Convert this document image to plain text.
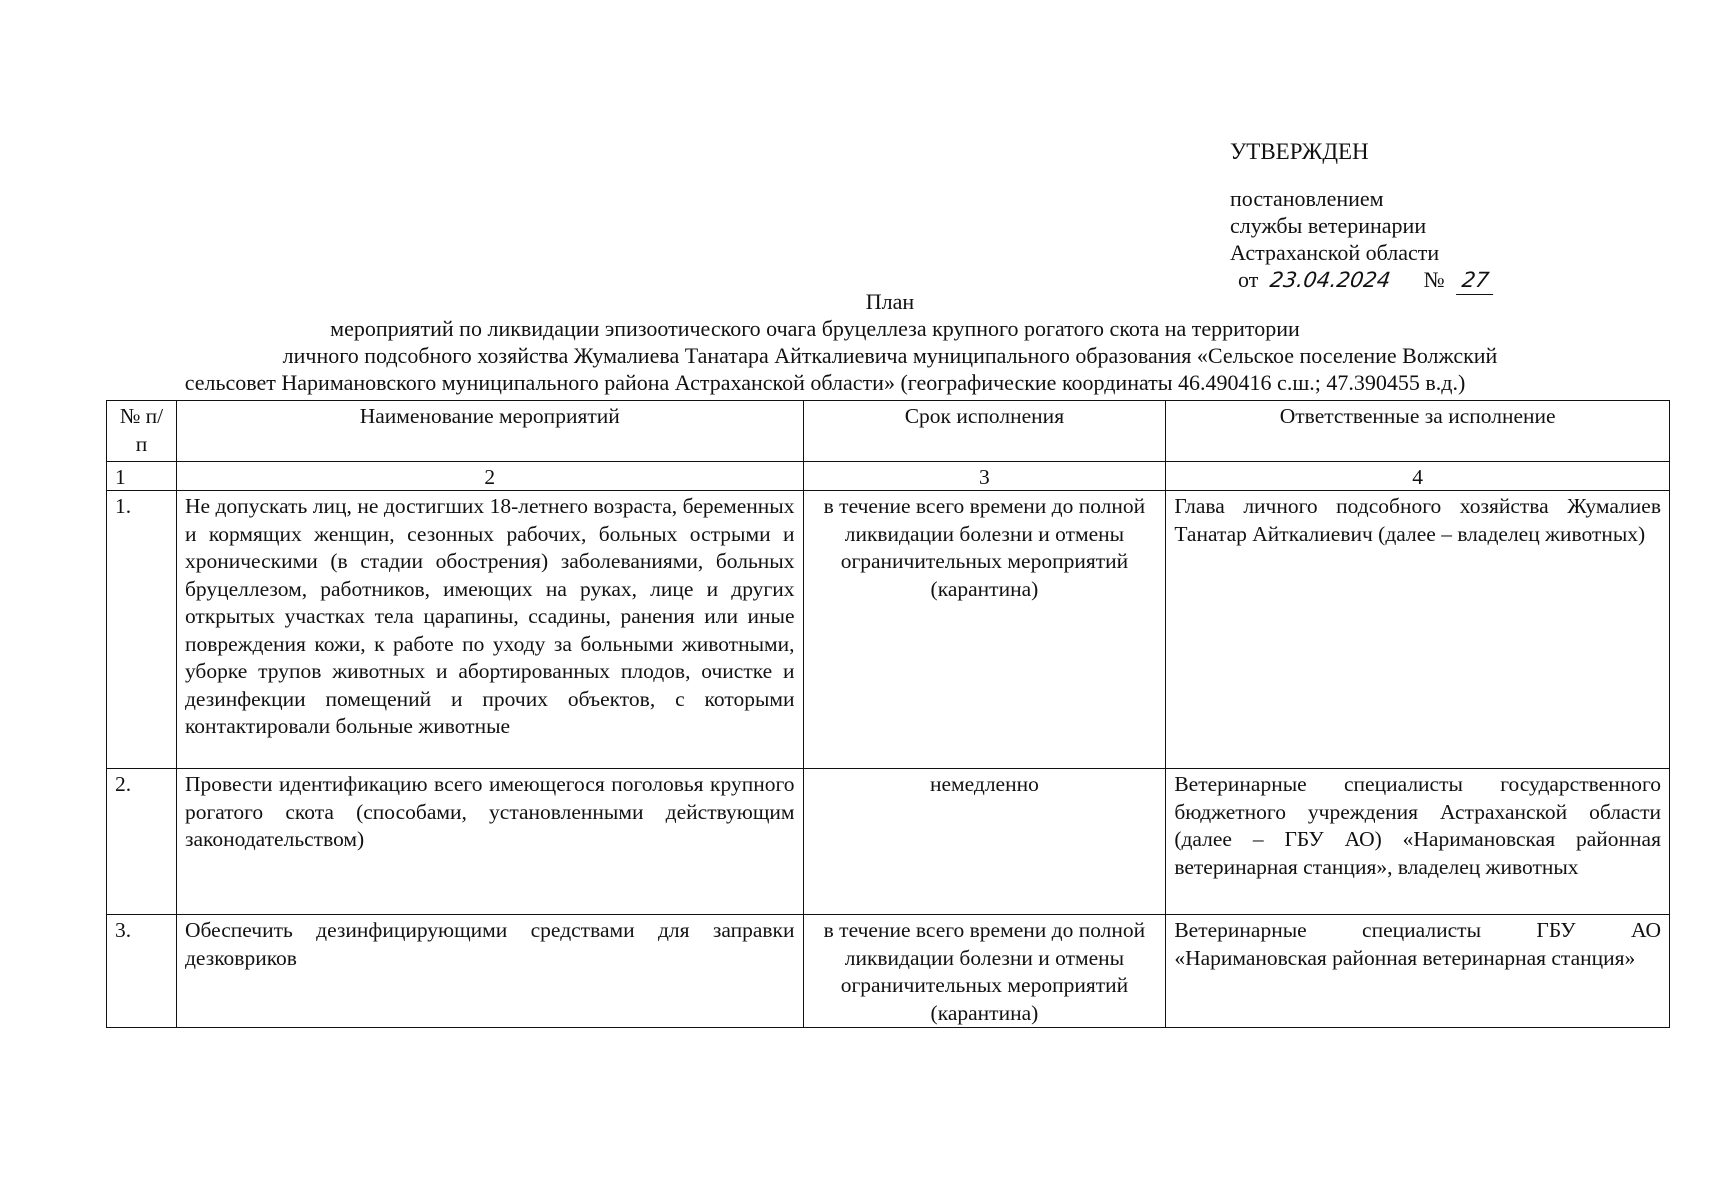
УТВЕРЖДЕН
постановлением
службы ветеринарии
Астраханской области
от 23.04.2024 № 27
План
мероприятий по ликвидации эпизоотического очага бруцеллеза крупного рогатого скота на территории
личного подсобного хозяйства Жумалиева Танатара Айткалиевича муниципального образования «Сельское поселение Волжский
сельсовет Наримановского муниципального района Астраханской области» (географические координаты 46.490416 с.ш.; 47.390455 в.д.)
№ п/п	Наименование мероприятий	Срок исполнения	Ответственные за исполнение
1	2	3	4
1.	Не допускать лиц, не достигших 18-летнего возраста, беременных и кормящих женщин, сезонных рабочих, больных острыми и хроническими (в стадии обострения) заболеваниями, больных бруцеллезом, работников, имеющих на руках, лице и других открытых участках тела царапины, ссадины, ранения или иные повреждения кожи, к работе по уходу за больными животными, уборке трупов животных и абортированных плодов, очистке и дезинфекции помещений и прочих объектов, с которыми контактировали больные животные	в течение всего времени до полной ликвидации болезни и отмены ограничительных мероприятий (карантина)	Глава личного подсобного хозяйства Жумалиев Танатар Айткалиевич (далее – владелец животных)
2.	Провести идентификацию всего имеющегося поголовья крупного рогатого скота (способами, установленными действующим законодательством)	немедленно	Ветеринарные специалисты государственного бюджетного учреждения Астраханской области (далее – ГБУ АО) «Наримановская районная ветеринарная станция», владелец животных
3.	Обеспечить дезинфицирующими средствами для заправки дезковриков	в течение всего времени до полной ликвидации болезни и отмены ограничительных мероприятий (карантина)	Ветеринарные специалисты ГБУ АО «Наримановская районная ветеринарная станция»
